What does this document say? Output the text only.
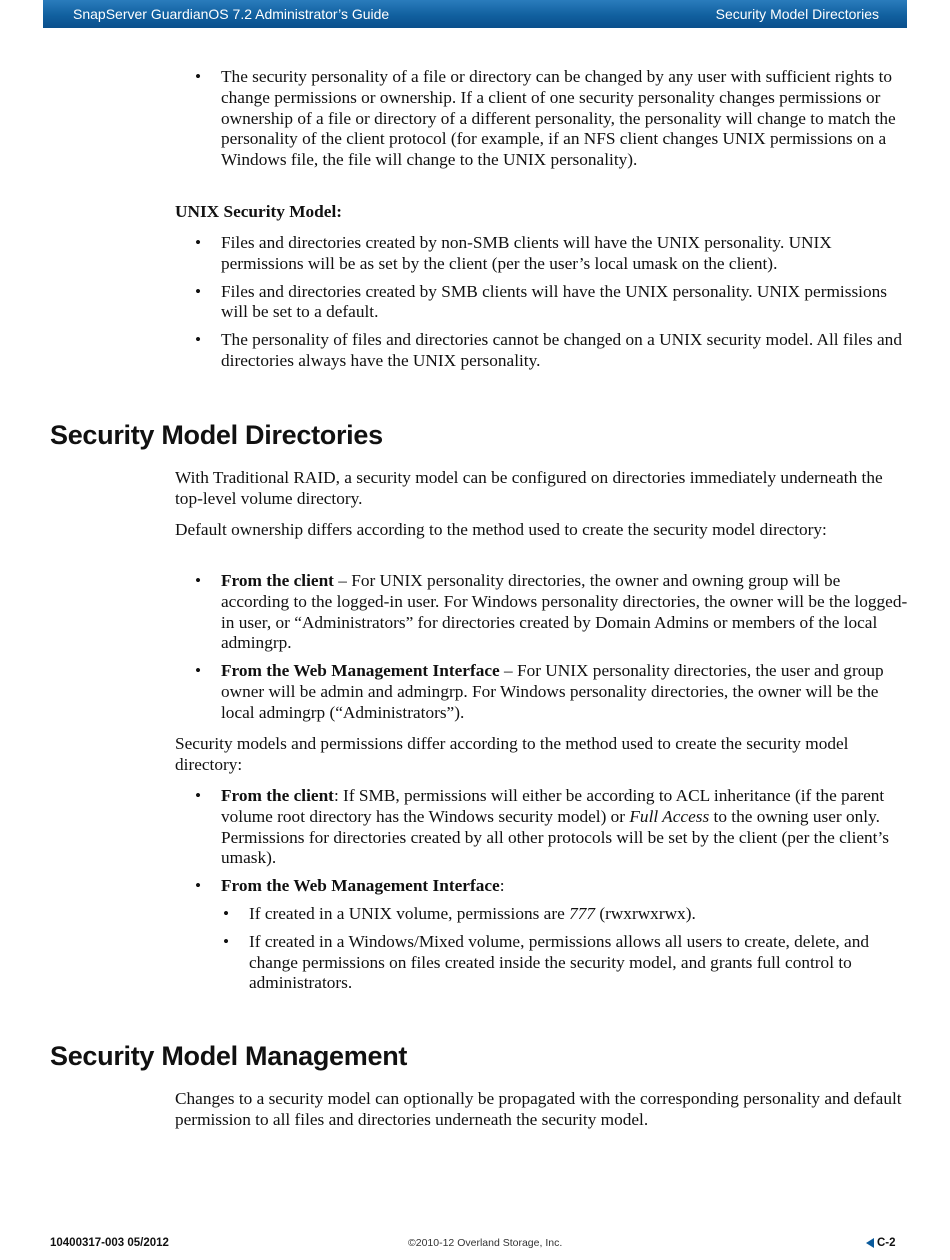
SnapServer GuardianOS 7.2 Administrator’s Guide	Security Model Directories
• The security personality of a file or directory can be changed by any user with sufficient rights to change permissions or ownership. If a client of one security personality changes permissions or ownership of a file or directory of a different personality, the personality will change to match the personality of the client protocol (for example, if an NFS client changes UNIX permissions on a Windows file, the file will change to the UNIX personality).
UNIX Security Model:
• Files and directories created by non-SMB clients will have the UNIX personality. UNIX permissions will be as set by the client (per the user’s local umask on the client).
• Files and directories created by SMB clients will have the UNIX personality. UNIX permissions will be set to a default.
• The personality of files and directories cannot be changed on a UNIX security model. All files and directories always have the UNIX personality.
Security Model Directories

With Traditional RAID, a security model can be configured on directories immediately underneath the top-level volume directory.

Default ownership differs according to the method used to create the security model directory:

• From the client – For UNIX personality directories, the owner and owning group will be according to the logged-in user. For Windows personality directories, the owner will be the logged-in user, or “Administrators” for directories created by Domain Admins or members of the local admingrp.
• From the Web Management Interface – For UNIX personality directories, the user and group owner will be admin and admingrp. For Windows personality directories, the owner will be the local admingrp (“Administrators”).

Security models and permissions differ according to the method used to create the security model directory:

• From the client: If SMB, permissions will either be according to ACL inheritance (if the parent volume root directory has the Windows security model) or Full Access to the owning user only. Permissions for directories created by all other protocols will be set by the client (per the client’s umask).
• From the Web Management Interface:
• If created in a UNIX volume, permissions are 777 (rwxrwxrwx).
• If created in a Windows/Mixed volume, permissions allows all users to create, delete, and change permissions on files created inside the security model, and grants full control to administrators.
Security Model Management

Changes to a security model can optionally be propagated with the corresponding personality and default permission to all files and directories underneath the security model.

10400317-003 05/2012	©2010-12 Overland Storage, Inc.	C-2
